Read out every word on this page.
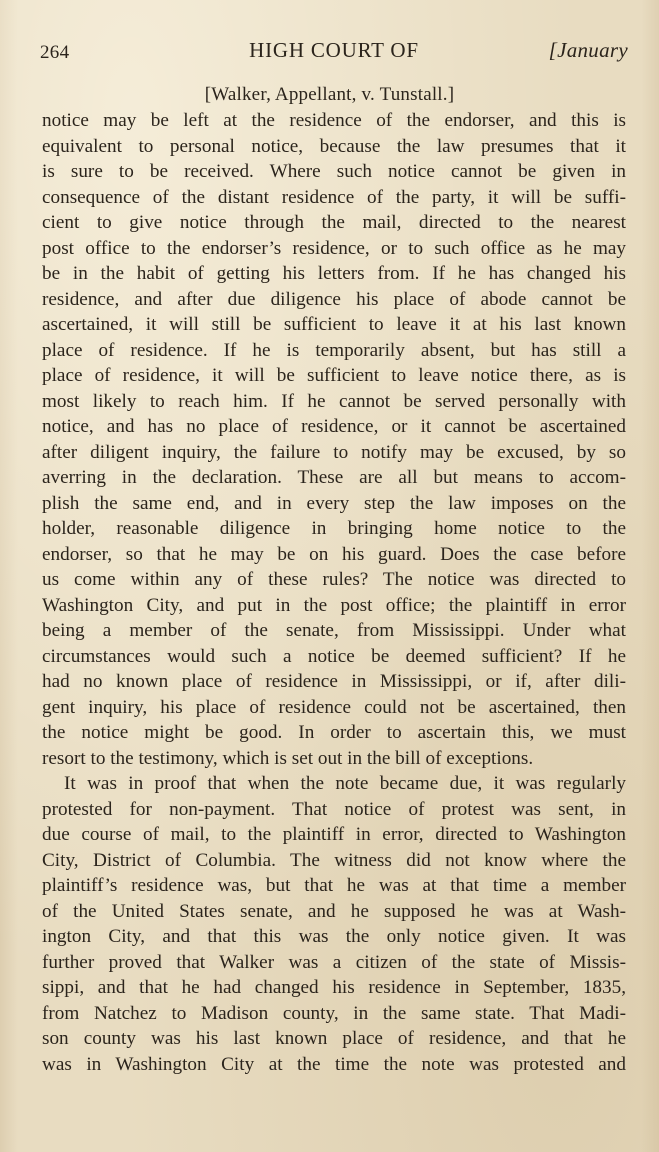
264	HIGH COURT OF	[January
[Walker, Appellant, v. Tunstall.]
notice may be left at the residence of the endorser, and this is
equivalent to personal notice, because the law presumes that it
is sure to be received. Where such notice cannot be given in
consequence of the distant residence of the party, it will be suffi-
cient to give notice through the mail, directed to the nearest
post office to the endorser’s residence, or to such office as he may
be in the habit of getting his letters from. If he has changed his
residence, and after due diligence his place of abode cannot be
ascertained, it will still be sufficient to leave it at his last known
place of residence. If he is temporarily absent, but has still a
place of residence, it will be sufficient to leave notice there, as is
most likely to reach him. If he cannot be served personally with
notice, and has no place of residence, or it cannot be ascertained
after diligent inquiry, the failure to notify may be excused, by so
averring in the declaration. These are all but means to accom-
plish the same end, and in every step the law imposes on the
holder, reasonable diligence in bringing home notice to the
endorser, so that he may be on his guard. Does the case before
us come within any of these rules? The notice was directed to
Washington City, and put in the post office; the plaintiff in error
being a member of the senate, from Mississippi. Under what
circumstances would such a notice be deemed sufficient? If he
had no known place of residence in Mississippi, or if, after dili-
gent inquiry, his place of residence could not be ascertained, then
the notice might be good. In order to ascertain this, we must
resort to the testimony, which is set out in the bill of exceptions.
It was in proof that when the note became due, it was regularly
protested for non-payment. That notice of protest was sent, in
due course of mail, to the plaintiff in error, directed to Washington
City, District of Columbia. The witness did not know where the
plaintiff’s residence was, but that he was at that time a member
of the United States senate, and he supposed he was at Wash-
ington City, and that this was the only notice given. It was
further proved that Walker was a citizen of the state of Missis-
sippi, and that he had changed his residence in September, 1835,
from Natchez to Madison county, in the same state. That Madi-
son county was his last known place of residence, and that he
was in Washington City at the time the note was protested and
